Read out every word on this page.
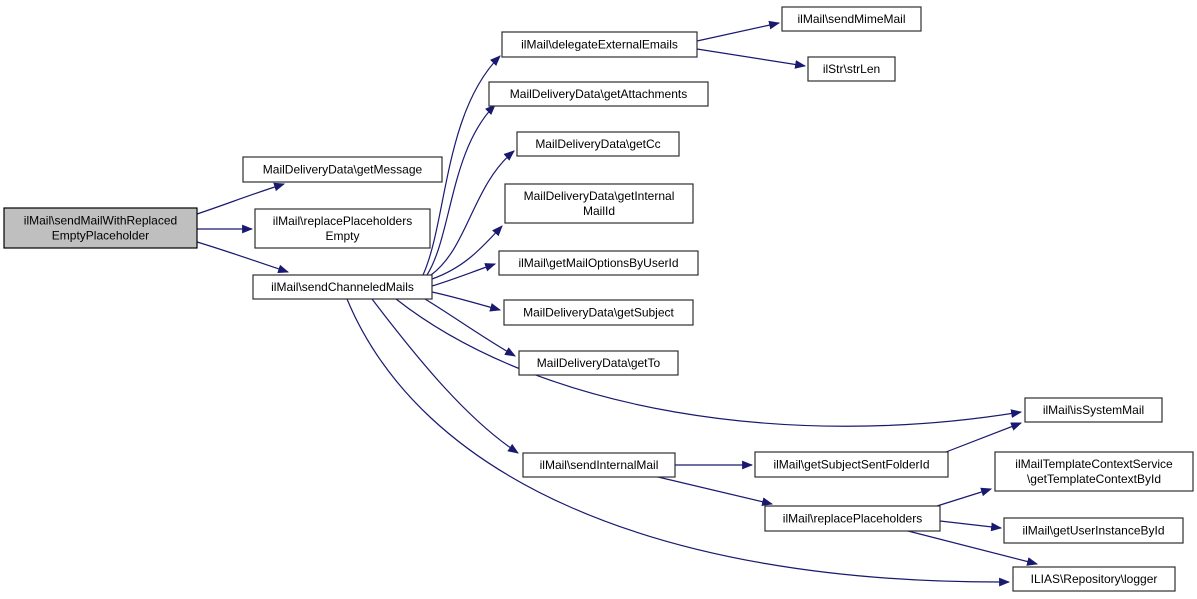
ilMail\sendMailWithReplaced EmptyPlaceholder
MailDeliveryData\getMessage
ilMail\replacePlaceholders Empty
ilMail\sendChanneledMails
ilMail\delegateExternalEmails
ilMail\sendMimeMail
ilStr\strLen
MailDeliveryData\getAttachments
MailDeliveryData\getCc
MailDeliveryData\getInternal MailId
ilMail\getMailOptionsByUserId
MailDeliveryData\getSubject
MailDeliveryData\getTo
ilMail\isSystemMail
ilMail\sendInternalMail	ilMail\getSubjectSentFolderId	ilMailTemplateContextService \getTemplateContextById
ilMail\replacePlaceholders
ilMail\getUserInstanceById
ILIAS\Repository\logger
